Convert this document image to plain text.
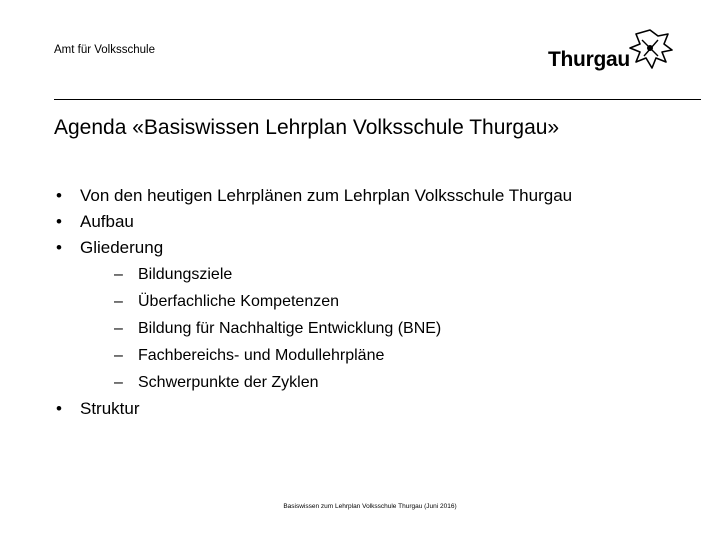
Amt für Volksschule	Thurgau
Agenda «Basiswissen Lehrplan Volksschule Thurgau»
• Von den heutigen Lehrplänen zum Lehrplan Volksschule Thurgau
• Aufbau
• Gliederung
– Bildungsziele
– Überfachliche Kompetenzen
– Bildung für Nachhaltige Entwicklung (BNE)
– Fachbereichs- und Modullehrpläne
– Schwerpunkte der Zyklen
• Struktur
Basiswissen zum Lehrplan Volksschule Thurgau (Juni 2016)
